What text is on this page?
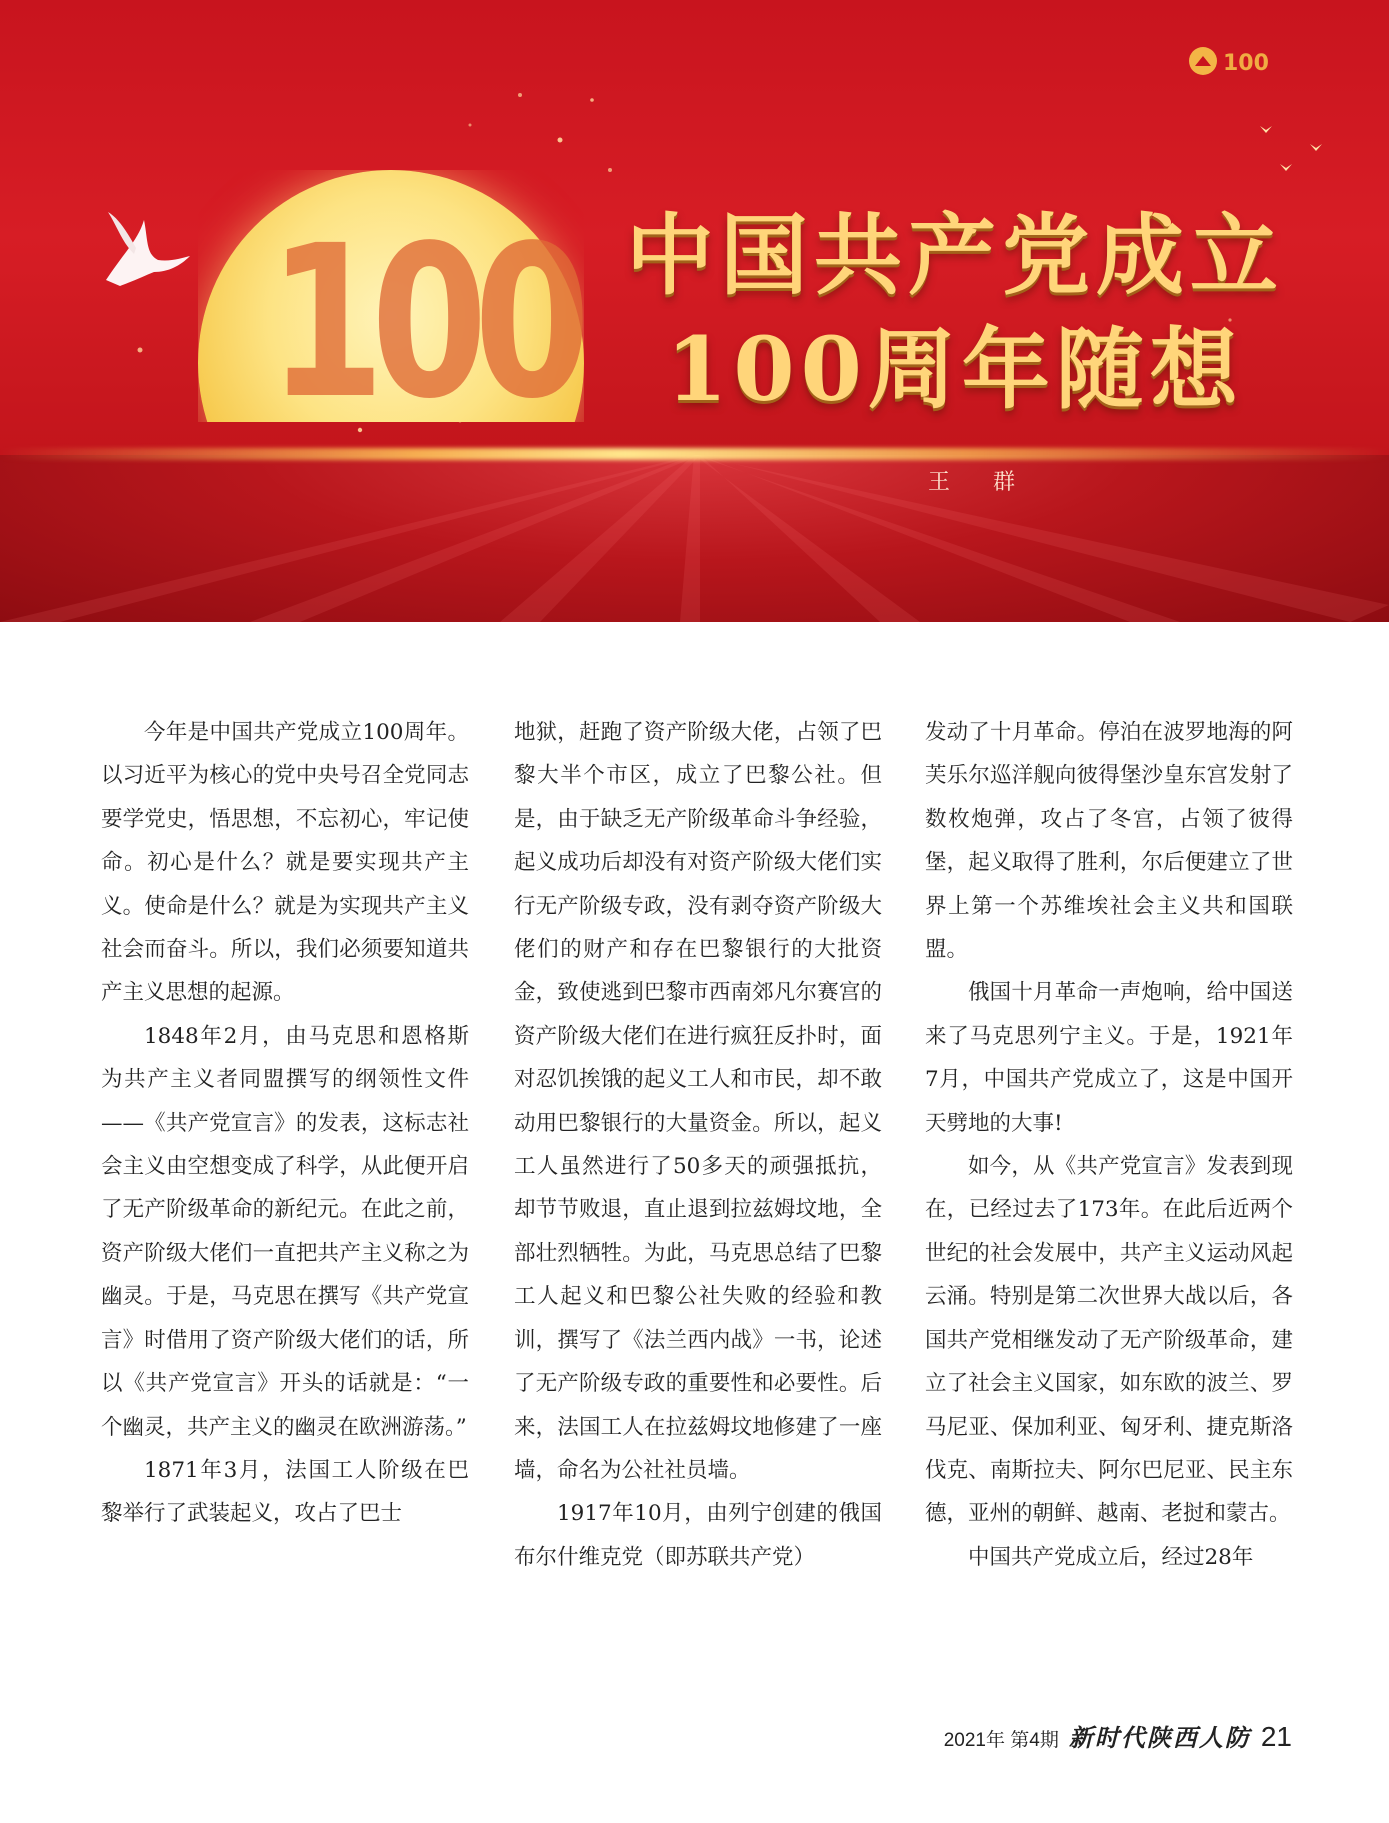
100
100
中国共产党成立
100周年随想
王 群

今年是中国共产党成立100周年。以习近平为核心的党中央号召全党同志要学党史，悟思想，不忘初心，牢记使命。初心是什么？就是要实现共产主义。使命是什么？就是为实现共产主义社会而奋斗。所以，我们必须要知道共产主义思想的起源。

1848年2月，由马克思和恩格斯为共产主义者同盟撰写的纲领性文件——《共产党宣言》的发表，这标志社会主义由空想变成了科学，从此便开启了无产阶级革命的新纪元。在此之前，资产阶级大佬们一直把共产主义称之为幽灵。于是，马克思在撰写《共产党宣言》时借用了资产阶级大佬们的话，所以《共产党宣言》开头的话就是：“一个幽灵，共产主义的幽灵在欧洲游荡。”

1871年3月，法国工人阶级在巴黎举行了武装起义，攻占了巴士

地狱，赶跑了资产阶级大佬，占领了巴黎大半个市区，成立了巴黎公社。但是，由于缺乏无产阶级革命斗争经验，起义成功后却没有对资产阶级大佬们实行无产阶级专政，没有剥夺资产阶级大佬们的财产和存在巴黎银行的大批资金，致使逃到巴黎市西南郊凡尔赛宫的资产阶级大佬们在进行疯狂反扑时，面对忍饥挨饿的起义工人和市民，却不敢动用巴黎银行的大量资金。所以，起义工人虽然进行了50多天的顽强抵抗，却节节败退，直止退到拉兹姆坟地，全部壮烈牺牲。为此，马克思总结了巴黎工人起义和巴黎公社失败的经验和教训，撰写了《法兰西内战》一书，论述了无产阶级专政的重要性和必要性。后来，法国工人在拉兹姆坟地修建了一座墙，命名为公社社员墙。

1917年10月，由列宁创建的俄国布尔什维克党（即苏联共产党）

发动了十月革命。停泊在波罗地海的阿芙乐尔巡洋舰向彼得堡沙皇东宫发射了数枚炮弹，攻占了冬宫，占领了彼得堡，起义取得了胜利，尔后便建立了世界上第一个苏维埃社会主义共和国联盟。

俄国十月革命一声炮响，给中国送来了马克思列宁主义。于是，1921年7月，中国共产党成立了，这是中国开天劈地的大事!

如今，从《共产党宣言》发表到现在，已经过去了173年。在此后近两个世纪的社会发展中，共产主义运动风起云涌。特别是第二次世界大战以后，各国共产党相继发动了无产阶级革命，建立了社会主义国家，如东欧的波兰、罗马尼亚、保加利亚、匈牙利、捷克斯洛伐克、南斯拉夫、阿尔巴尼亚、民主东德，亚州的朝鲜、越南、老挝和蒙古。

中国共产党成立后，经过28年

2021年 第4期 新时代陕西人防 21
